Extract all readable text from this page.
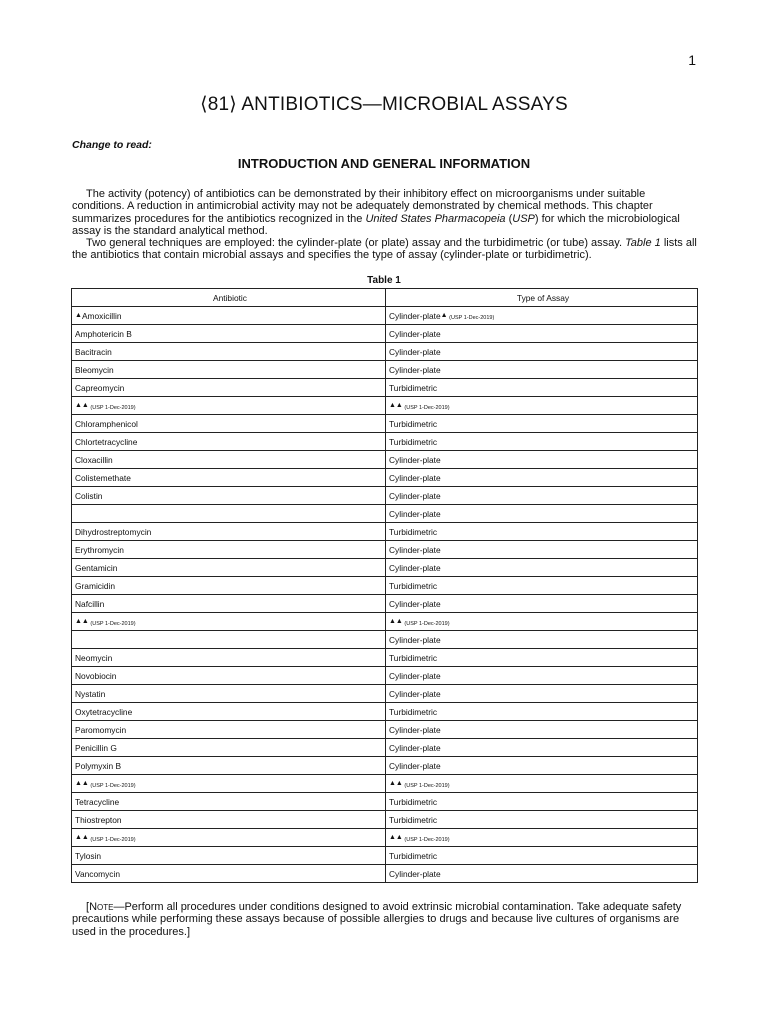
1
⟨81⟩ ANTIBIOTICS—MICROBIAL ASSAYS
Change to read:
INTRODUCTION AND GENERAL INFORMATION

The activity (potency) of antibiotics can be demonstrated by their inhibitory effect on microorganisms under suitable conditions. A reduction in antimicrobial activity may not be adequately demonstrated by chemical methods. This chapter summarizes procedures for the antibiotics recognized in the United States Pharmacopeia (USP) for which the microbiological assay is the standard analytical method.

Two general techniques are employed: the cylinder-plate (or plate) assay and the turbidimetric (or tube) assay. Table 1 lists all the antibiotics that contain microbial assays and specifies the type of assay (cylinder-plate or turbidimetric).

Table 1
Antibiotic	Type of Assay
▲Amoxicillin	Cylinder-plate▲ (USP 1-Dec-2019)
Amphotericin B	Cylinder-plate
Bacitracin	Cylinder-plate
Bleomycin	Cylinder-plate
Capreomycin	Turbidimetric
▲▲ (USP 1-Dec-2019)	▲▲ (USP 1-Dec-2019)
Chloramphenicol	Turbidimetric
Chlortetracycline	Turbidimetric
Cloxacillin	Cylinder-plate
Colistemethate	Cylinder-plate
Colistin	Cylinder-plate
	Cylinder-plate
Dihydrostreptomycin	Turbidimetric
Erythromycin	Cylinder-plate
Gentamicin	Cylinder-plate
Gramicidin	Turbidimetric
Nafcillin	Cylinder-plate
▲▲ (USP 1-Dec-2019)	▲▲ (USP 1-Dec-2019)
	Cylinder-plate
Neomycin	Turbidimetric
Novobiocin	Cylinder-plate
Nystatin	Cylinder-plate
Oxytetracycline	Turbidimetric
Paromomycin	Cylinder-plate
Penicillin G	Cylinder-plate
Polymyxin B	Cylinder-plate
▲▲ (USP 1-Dec-2019)	▲▲ (USP 1-Dec-2019)
Tetracycline	Turbidimetric
Thiostrepton	Turbidimetric
▲▲ (USP 1-Dec-2019)	▲▲ (USP 1-Dec-2019)
Tylosin	Turbidimetric
Vancomycin	Cylinder-plate
[Note—Perform all procedures under conditions designed to avoid extrinsic microbial contamination. Take adequate safety precautions while performing these assays because of possible allergies to drugs and because live cultures of organisms are used in the procedures.]
